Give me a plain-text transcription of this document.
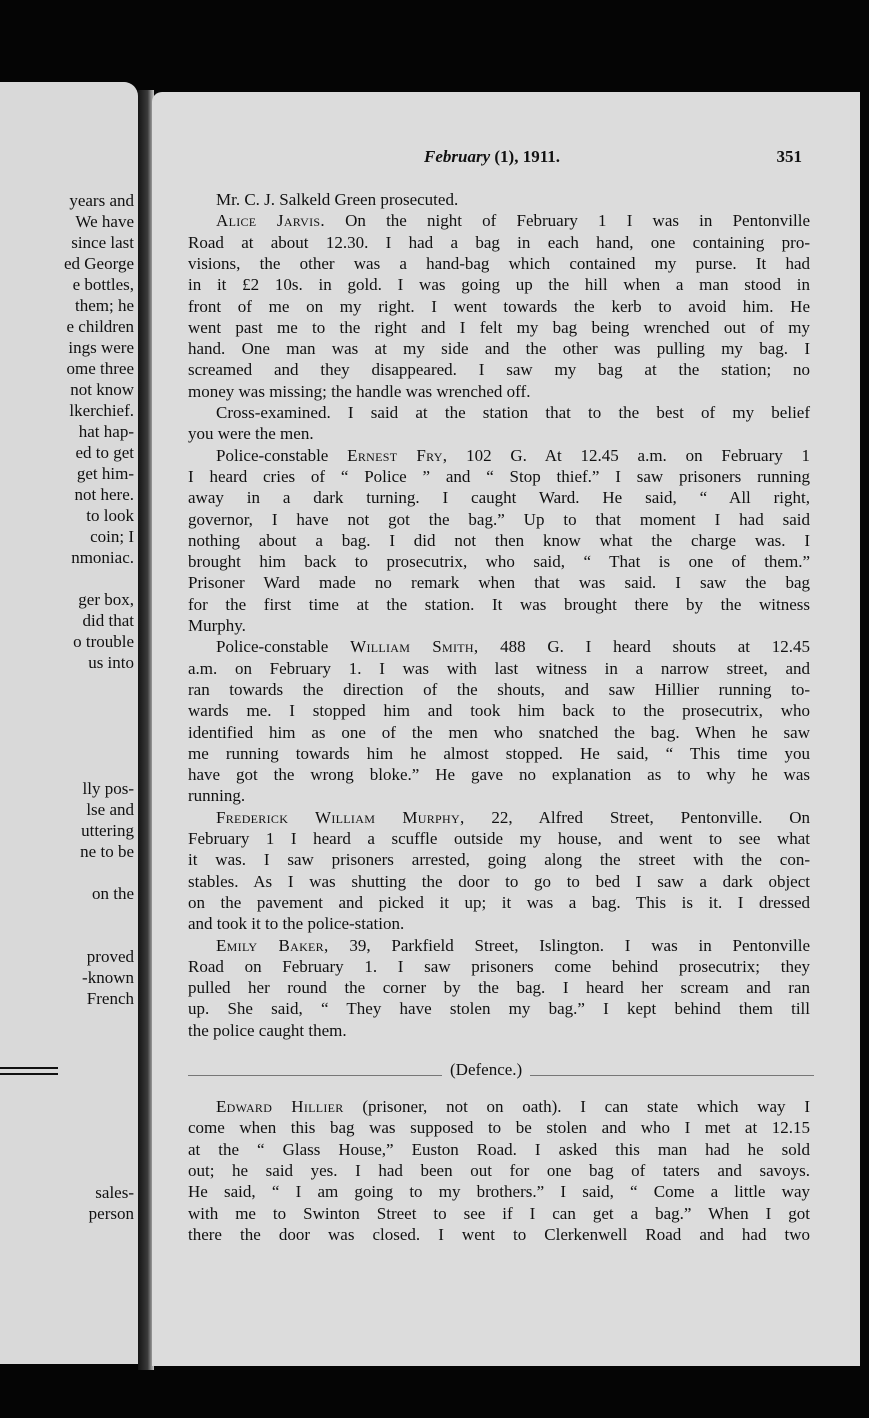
years and
We have
since last
ed George
e bottles,
them; he
e children
ings were
ome three
not know
lkerchief.
hat hap-
ed to get
get him-
not here.
to look
coin; I
nmoniac.
ger box,
did that
o trouble
us into
lly pos-
lse and
uttering
ne to be
on the
proved
-known
French
sales-
person
February (1), 1911.	351
(Defence.)
Mr. C. J. Salkeld Green prosecuted.
Alice Jarvis. On the night of February 1 I was in Pentonville
Road at about 12.30. I had a bag in each hand, one containing pro-
visions, the other was a hand-bag which contained my purse. It had
in it £2 10s. in gold. I was going up the hill when a man stood in
front of me on my right. I went towards the kerb to avoid him. He
went past me to the right and I felt my bag being wrenched out of my
hand. One man was at my side and the other was pulling my bag. I
screamed and they disappeared. I saw my bag at the station; no
money was missing; the handle was wrenched off.
Cross-examined. I said at the station that to the best of my belief
you were the men.
Police-constable Ernest Fry, 102 G. At 12.45 a.m. on February 1
I heard cries of “ Police ” and “ Stop thief.” I saw prisoners running
away in a dark turning. I caught Ward. He said, “ All right,
governor, I have not got the bag.” Up to that moment I had said
nothing about a bag. I did not then know what the charge was. I
brought him back to prosecutrix, who said, “ That is one of them.”
Prisoner Ward made no remark when that was said. I saw the bag
for the first time at the station. It was brought there by the witness
Murphy.
Police-constable William Smith, 488 G. I heard shouts at 12.45
a.m. on February 1. I was with last witness in a narrow street, and
ran towards the direction of the shouts, and saw Hillier running to-
wards me. I stopped him and took him back to the prosecutrix, who
identified him as one of the men who snatched the bag. When he saw
me running towards him he almost stopped. He said, “ This time you
have got the wrong bloke.” He gave no explanation as to why he was
running.
Frederick William Murphy, 22, Alfred Street, Pentonville. On
February 1 I heard a scuffle outside my house, and went to see what
it was. I saw prisoners arrested, going along the street with the con-
stables. As I was shutting the door to go to bed I saw a dark object
on the pavement and picked it up; it was a bag. This is it. I dressed
and took it to the police-station.
Emily Baker, 39, Parkfield Street, Islington. I was in Pentonville
Road on February 1. I saw prisoners come behind prosecutrix; they
pulled her round the corner by the bag. I heard her scream and ran
up. She said, “ They have stolen my bag.” I kept behind them till
the police caught them.
Edward Hillier (prisoner, not on oath). I can state which way I
come when this bag was supposed to be stolen and who I met at 12.15
at the “ Glass House,” Euston Road. I asked this man had he sold
out; he said yes. I had been out for one bag of taters and savoys.
He said, “ I am going to my brothers.” I said, “ Come a little way
with me to Swinton Street to see if I can get a bag.” When I got
there the door was closed. I went to Clerkenwell Road and had two
